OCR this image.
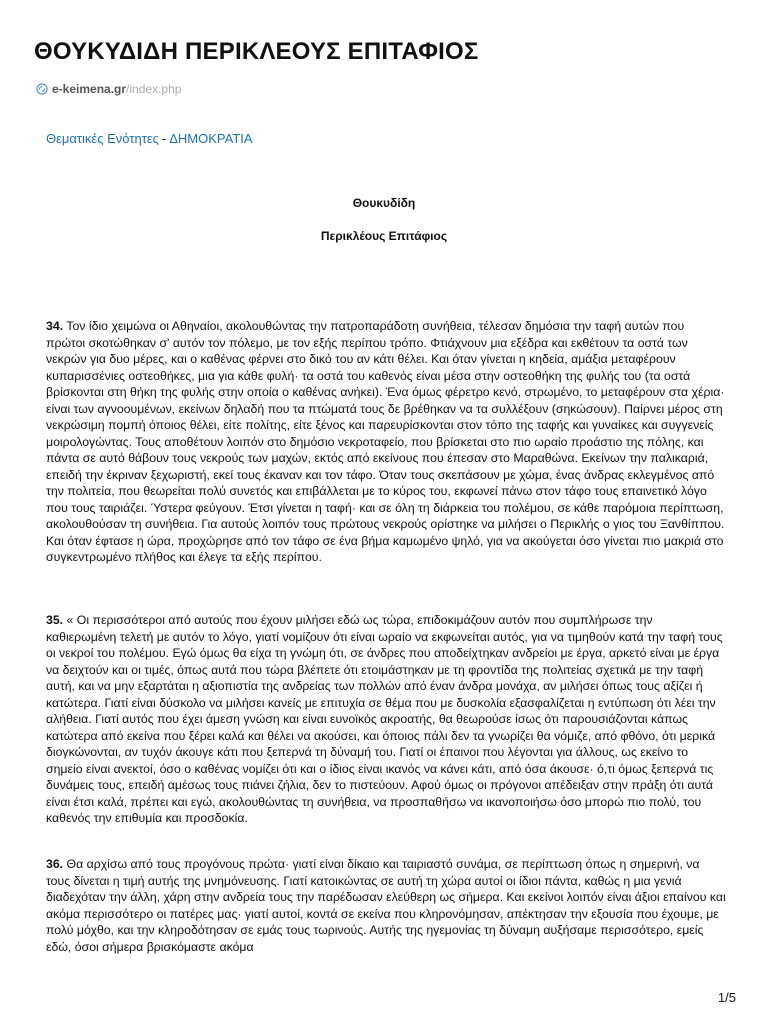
ΘΟΥΚΥΔΙΔΗ ΠΕΡΙΚΛΕΟΥΣ ΕΠΙΤΑΦΙΟΣ
e-keimena.gr /index.php
Θεματικές Ενότητες - ΔΗΜΟΚΡΑΤΙΑ
Θουκυδίδη
Περικλέους Επιτάφιος

34. Τον ίδιο χειμώνα οι Αθηναίοι, ακολουθώντας την πατροπαράδοτη συνήθεια, τέλεσαν δημόσια την ταφή αυτών που πρώτοι σκοτώθηκαν σ' αυτόν τον πόλεμο, με τον εξής περίπου τρόπο. Φτιάχνουν μια εξέδρα και εκθέτουν τα οστά των νεκρών για δυο μέρες, και ο καθένας φέρνει στο δικό του αν κάτι θέλει. Και όταν γίνεται η κηδεία, αμάξια μεταφέρουν κυπαρισσένιες οστεοθήκες, μια για κάθε φυλή· τα οστά του καθενός είναι μέσα στην οστεοθήκη της φυλής του (τα οστά βρίσκονται στη θήκη της φυλής στην οποία ο καθένας ανήκει). Ένα όμως φέρετρο κενό, στρωμένο, το μεταφέρουν στα χέρια· είναι των αγνοουμένων, εκείνων δηλαδή που τα πτώματά τους δε βρέθηκαν να τα συλλέξουν (σηκώσουν). Παίρνει μέρος στη νεκρώσιμη πομπή όποιος θέλει, είτε πολίτης, είτε ξένος και παρευρίσκονται στον τόπο της ταφής και γυναίκες και συγγενείς μοιρολογώντας. Τους αποθέτουν λοιπόν στο δημόσιο νεκροταφείο, που βρίσκεται στο πιο ωραίο προάστιο της πόλης, και πάντα σε αυτό θάβουν τους νεκρούς των μαχών, εκτός από εκείνους που έπεσαν στο Μαραθώνα. Εκείνων την παλικαριά, επειδή την έκριναν ξεχωριστή, εκεί τους έκαναν και τον τάφο. Όταν τους σκεπάσουν με χώμα, ένας άνδρας εκλεγμένος από την πολιτεία, που θεωρείται πολύ συνετός και επιβάλλεται με το κύρος του, εκφωνεί πάνω στον τάφο τους επαινετικό λόγο που τους ταιριάζει. Ύστερα φεύγουν. Έτσι γίνεται η ταφή· και σε όλη τη διάρκεια του πολέμου, σε κάθε παρόμοια περίπτωση, ακολουθούσαν τη συνήθεια. Για αυτούς λοιπόν τους πρώτους νεκρούς ορίστηκε να μιλήσει ο Περικλής ο γιος του Ξανθίππου. Και όταν έφτασε η ώρα, προχώρησε από τον τάφο σε ένα βήμα καμωμένο ψηλό, για να ακούγεται όσο γίνεται πιο μακριά στο συγκεντρωμένο πλήθος και έλεγε τα εξής περίπου.

35. « Οι περισσότεροι από αυτούς που έχουν μιλήσει εδώ ως τώρα, επιδοκιμάζουν αυτόν που συμπλήρωσε την καθιερωμένη τελετή με αυτόν το λόγο, γιατί νομίζουν ότι είναι ωραίο να εκφωνείται αυτός, για να τιμηθούν κατά την ταφή τους οι νεκροί του πολέμου. Εγώ όμως θα είχα τη γνώμη ότι, σε άνδρες που αποδείχτηκαν ανδρείοι με έργα, αρκετό είναι με έργα να δειχτούν και οι τιμές, όπως αυτά που τώρα βλέπετε ότι ετοιμάστηκαν με τη φροντίδα της πολιτείας σχετικά με την ταφή αυτή, και να μην εξαρτάται η αξιοπιστία της ανδρείας των πολλών από έναν άνδρα μονάχα, αν μιλήσει όπως τους αξίζει ή κατώτερα. Γιατί είναι δύσκολο να μιλήσει κανείς με επιτυχία σε θέμα που με δυσκολία εξασφαλίζεται η εντύπωση ότι λέει την αλήθεια. Γιατί αυτός που έχει άμεση γνώση και είναι ευνοϊκός ακροατής, θα θεωρούσε ίσως ότι παρουσιάζονται κάπως κατώτερα από εκείνα που ξέρει καλά και θέλει να ακούσει, και όποιος πάλι δεν τα γνωρίζει θα νόμιζε, από φθόνο, ότι μερικά διογκώνονται, αν τυχόν άκουγε κάτι που ξεπερνά τη δύναμή του. Γιατί οι έπαινοι που λέγονται για άλλους, ως εκείνο το σημείο είναι ανεκτοί, όσο ο καθένας νομίζει ότι και ο ίδιος είναι ικανός να κάνει κάτι, από όσα άκουσε· ό,τι όμως ξεπερνά τις δυνάμεις τους, επειδή αμέσως τους πιάνει ζήλια, δεν το πιστεύουν. Αφού όμως οι πρόγονοι απέδειξαν στην πράξη ότι αυτά είναι έτσι καλά, πρέπει και εγώ, ακολουθώντας τη συνήθεια, να προσπαθήσω να ικανοποιήσω όσο μπορώ πιο πολύ, του καθενός την επιθυμία και προσδοκία.

36. Θα αρχίσω από τους προγόνους πρώτα· γιατί είναι δίκαιο και ταιριαστό συνάμα, σε περίπτωση όπως η σημερινή, να τους δίνεται η τιμή αυτής της μνημόνευσης. Γιατί κατοικώντας σε αυτή τη χώρα αυτοί οι ίδιοι πάντα, καθώς η μια γενιά διαδεχόταν την άλλη, χάρη στην ανδρεία τους την παρέδωσαν ελεύθερη ως σήμερα. Και εκείνοι λοιπόν είναι άξιοι επαίνου και ακόμα περισσότερο οι πατέρες μας· γιατί αυτοί, κοντά σε εκείνα που κληρονόμησαν, απέκτησαν την εξουσία που έχουμε, με πολύ μόχθο, και την κληροδότησαν σε εμάς τους τωρινούς. Αυτής της ηγεμονίας τη δύναμη αυξήσαμε περισσότερο, εμείς εδώ, όσοι σήμερα βρισκόμαστε ακόμα

1/5
